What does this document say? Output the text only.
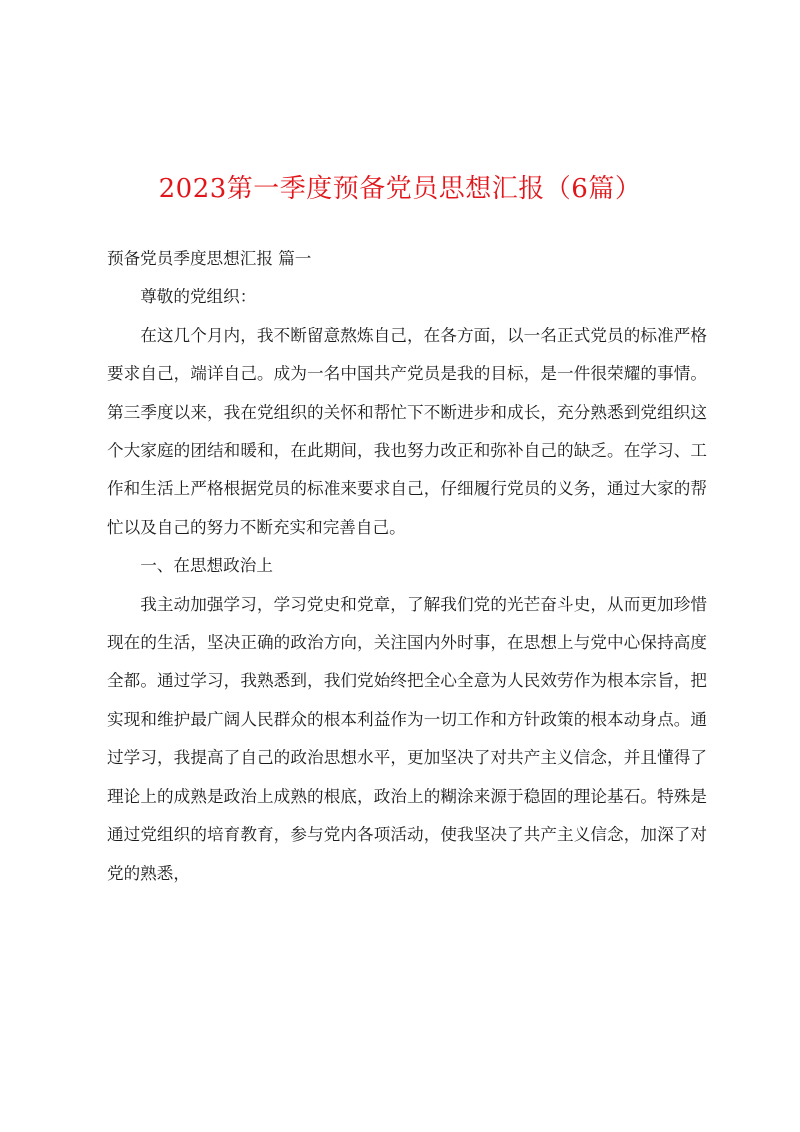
2023第一季度预备党员思想汇报（6篇）

预备党员季度思想汇报 篇一

尊敬的党组织：

在这几个月内，我不断留意熬炼自己，在各方面，以一名正式党员的标准严格要求自己，端详自己。成为一名中国共产党员是我的目标，是一件很荣耀的事情。第三季度以来，我在党组织的关怀和帮忙下不断进步和成长，充分熟悉到党组织这个大家庭的团结和暖和，在此期间，我也努力改正和弥补自己的缺乏。在学习、工作和生活上严格根据党员的标准来要求自己，仔细履行党员的义务，通过大家的帮忙以及自己的努力不断充实和完善自己。

一、在思想政治上

我主动加强学习，学习党史和党章，了解我们党的光芒奋斗史，从而更加珍惜现在的生活，坚决正确的政治方向，关注国内外时事，在思想上与党中心保持高度全都。通过学习，我熟悉到，我们党始终把全心全意为人民效劳作为根本宗旨，把实现和维护最广阔人民群众的根本利益作为一切工作和方针政策的根本动身点。通过学习，我提高了自己的政治思想水平，更加坚决了对共产主义信念，并且懂得了理论上的成熟是政治上成熟的根底，政治上的糊涂来源于稳固的理论基石。特殊是通过党组织的培育教育，参与党内各项活动，使我坚决了共产主义信念，加深了对党的熟悉，
